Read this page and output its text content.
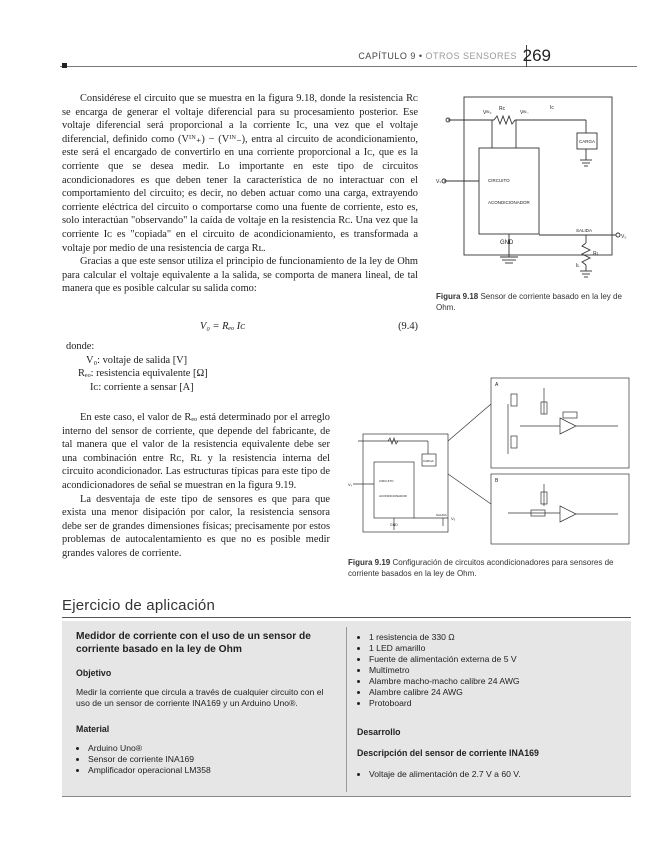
CAPÍTULO 9 • OTROS SENSORES 269

Considérese el circuito que se muestra en la figura 9.18, donde la resistencia Rᴄ se encarga de generar el voltaje diferencial para su procesamiento posterior. Ese voltaje diferencial será proporcional a la corriente Iᴄ, una vez que el voltaje diferencial, definido como (Vᴵᴺ₊) − (Vᴵᴺ₋), entra al circuito de acondicionamiento, este será el encargado de convertirlo en una corriente proporcional a Iᴄ, que es la corriente que se desea medir. Lo importante en este tipo de circuitos acondicionadores es que deben tener la característica de no interactuar con el comportamiento del circuito; es decir, no deben actuar como una carga, extrayendo corriente eléctrica del circuito o comportarse como una fuente de corriente, esto es, solo interactúan "observando" la caída de voltaje en la resistencia Rᴄ. Una vez que la corriente Iᴄ es "copiada" en el circuito de acondicionamiento, es transformada a voltaje por medio de una resistencia de carga Rʟ.

Gracias a que este sensor utiliza el principio de funcionamiento de la ley de Ohm para calcular el voltaje equivalente a la salida, se comporta de manera lineal, de tal manera que es posible calcular su salida como:

V₀ = Rₑₒ Iᴄ	(9.4)
donde:
V₀: voltaje de salida [V]
Rₑₒ: resistencia equivalente [Ω]
Iᴄ: corriente a sensar [A]

En este caso, el valor de Rₑₒ está determinado por el arreglo interno del sensor de corriente, que depende del fabricante, de tal manera que el valor de la resistencia equivalente debe ser una combinación entre Rᴄ, Rʟ y la resistencia interna del circuito acondicionador. Las estructuras típicas para este tipo de acondicionadores de señal se muestran en la figura 9.19.

La desventaja de este tipo de sensores es que para que exista una menor disipación por calor, la resistencia sensora debe ser de grandes dimensiones físicas; precisamente por estos problemas de autocalentamiento es que no es posible medir grandes valores de corriente.

Vᴵᴺ₊
Rᴄ
Vᴵᴺ₋
Iᴄ
CARGA
Vₛ	CIRCUITO
ACONDICIONADOR
GND
SALIDA
V₀
Rʟ
Iʟ
Figura 9.18 Sensor de corriente basado en la ley de Ohm.
A
B
CARGA
Vₛ
CIRCUITO
ACONDICIONADOR
GND
SALIDA
V₀
Figura 9.19 Configuración de circuitos acondicionadores para sensores de corriente basados en la ley de Ohm.
Ejercicio de aplicación
Medidor de corriente con el uso de un sensor de corriente basado en la ley de Ohm
Objetivo

Medir la corriente que circula a través de cualquier circuito con el uso de un sensor de corriente INA169 y un Arduino Uno®.

Material
• Arduino Uno®
• Sensor de corriente INA169
• Amplificador operacional LM358
• 1 resistencia de 330 Ω
• 1 LED amarillo
• Fuente de alimentación externa de 5 V
• Multímetro
• Alambre macho-macho calibre 24 AWG
• Alambre calibre 24 AWG
• Protoboard
Desarrollo
Descripción del sensor de corriente INA169
• Voltaje de alimentación de 2.7 V a 60 V.
